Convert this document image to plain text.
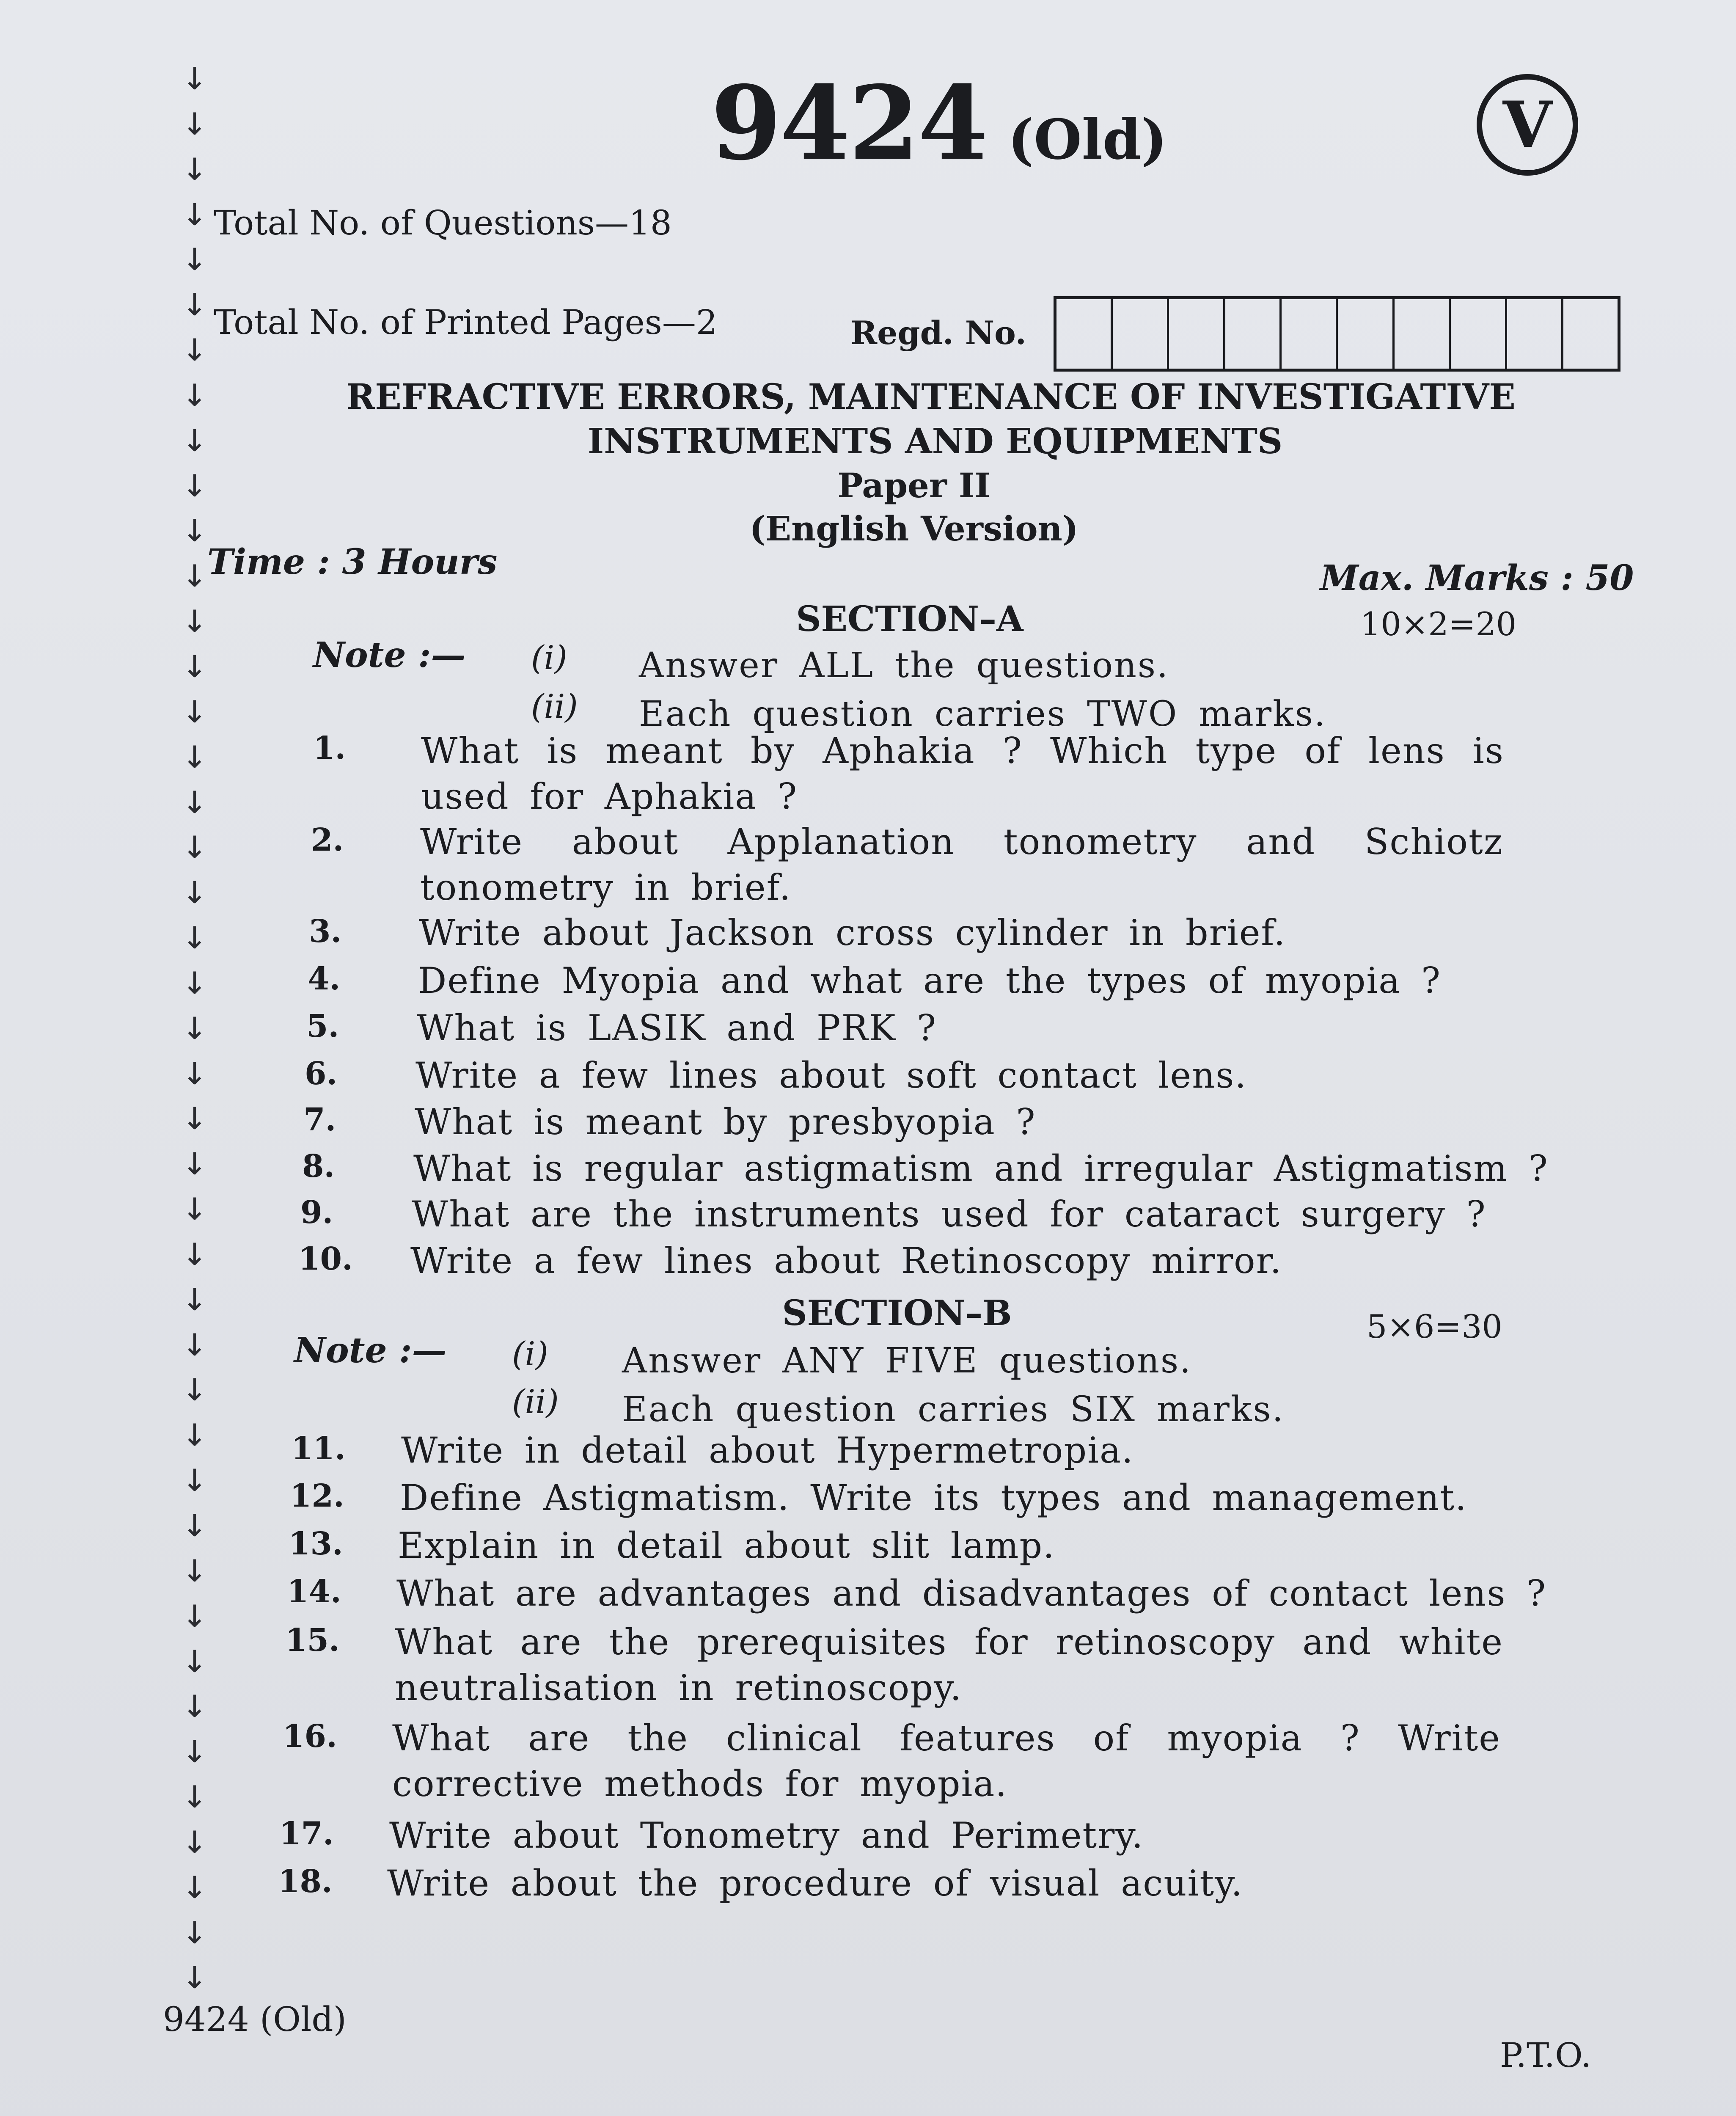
↓
↓
↓
↓
↓
↓
↓
↓
↓
↓
↓
↓
↓
↓
↓
↓
↓
↓
↓
↓
↓
↓
↓
↓
↓
↓
↓
↓
↓
↓
↓
↓
↓
↓
↓
↓
↓
↓
↓
↓
↓
↓
↓
9424 (Old)	V
Total No. of Questions—18
Total No. of Printed Pages—2	Regd. No.
REFRACTIVE ERRORS, MAINTENANCE OF INVESTIGATIVE
INSTRUMENTS AND EQUIPMENTS
Paper II
(English Version)
Time : 3 Hours	Max. Marks : 50
SECTION–A	10×2=20
Note :— (i) Answer ALL the questions.
(ii) Each question carries TWO marks.
1. What is meant by Aphakia ? Which type of lens is used for Aphakia ?
2. Write about Applanation tonometry and Schiotz tonometry in brief.
3. Write about Jackson cross cylinder in brief.
4. Define Myopia and what are the types of myopia ?
5. What is LASIK and PRK ?
6. Write a few lines about soft contact lens.
7. What is meant by presbyopia ?
8. What is regular astigmatism and irregular Astigmatism ?
9. What are the instruments used for cataract surgery ?
10. Write a few lines about Retinoscopy mirror.
SECTION–B	5×6=30
Note :— (i) Answer ANY FIVE questions.
(ii) Each question carries SIX marks.
11. Write in detail about Hypermetropia.
12. Define Astigmatism. Write its types and management.
13. Explain in detail about slit lamp.
14. What are advantages and disadvantages of contact lens ?
15. What are the prerequisites for retinoscopy and white neutralisation in retinoscopy.
16. What are the clinical features of myopia ? Write corrective methods for myopia.
17. Write about Tonometry and Perimetry.
18. Write about the procedure of visual acuity.
9424 (Old)
P.T.O.
